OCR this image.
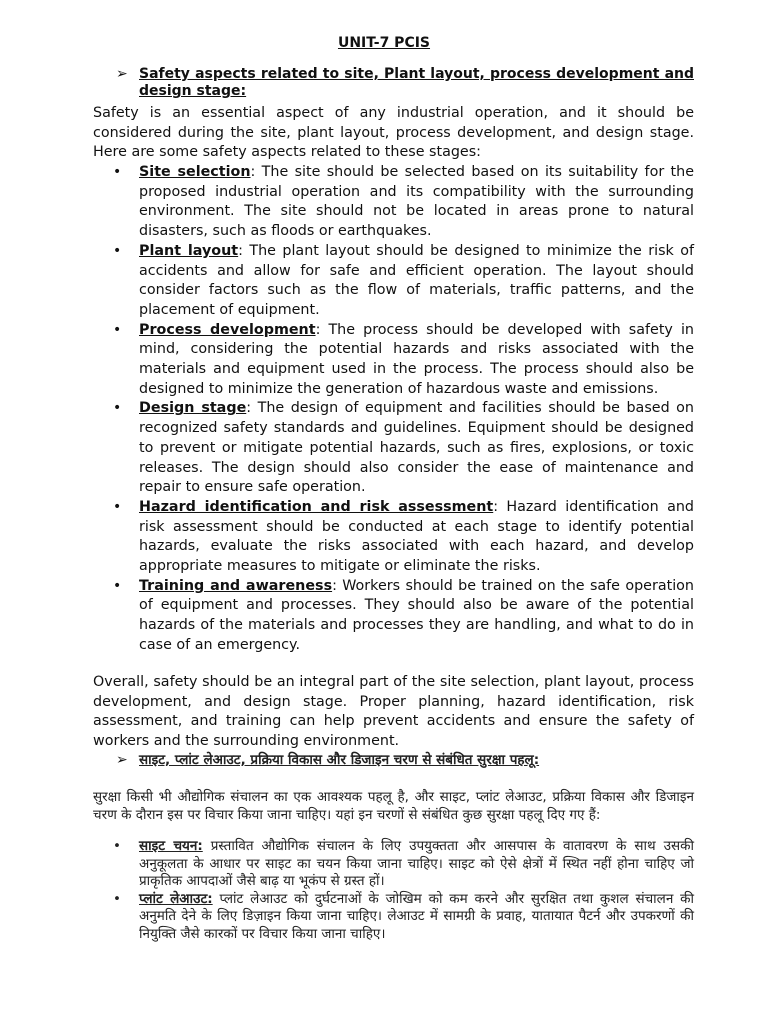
UNIT-7 PCIS
➢ Safety aspects related to site, Plant layout, process development and design stage:
Safety is an essential aspect of any industrial operation, and it should be considered during the site, plant layout, process development, and design stage. Here are some safety aspects related to these stages:
• Site selection: The site should be selected based on its suitability for the proposed industrial operation and its compatibility with the surrounding environment. The site should not be located in areas prone to natural disasters, such as floods or earthquakes.
• Plant layout: The plant layout should be designed to minimize the risk of accidents and allow for safe and efficient operation. The layout should consider factors such as the flow of materials, traffic patterns, and the placement of equipment.
• Process development: The process should be developed with safety in mind, considering the potential hazards and risks associated with the materials and equipment used in the process. The process should also be designed to minimize the generation of hazardous waste and emissions.
• Design stage: The design of equipment and facilities should be based on recognized safety standards and guidelines. Equipment should be designed to prevent or mitigate potential hazards, such as fires, explosions, or toxic releases. The design should also consider the ease of maintenance and repair to ensure safe operation.
• Hazard identification and risk assessment: Hazard identification and risk assessment should be conducted at each stage to identify potential hazards, evaluate the risks associated with each hazard, and develop appropriate measures to mitigate or eliminate the risks.
• Training and awareness: Workers should be trained on the safe operation of equipment and processes. They should also be aware of the potential hazards of the materials and processes they are handling, and what to do in case of an emergency.
Overall, safety should be an integral part of the site selection, plant layout, process development, and design stage. Proper planning, hazard identification, risk assessment, and training can help prevent accidents and ensure the safety of workers and the surrounding environment.
➢ साइट, प्लांट लेआउट, प्रक्रिया विकास और डिजाइन चरण से संबंधित सुरक्षा पहलू:
सुरक्षा किसी भी औद्योगिक संचालन का एक आवश्यक पहलू है, और साइट, प्लांट लेआउट, प्रक्रिया विकास और डिजाइन चरण के दौरान इस पर विचार किया जाना चाहिए। यहां इन चरणों से संबंधित कुछ सुरक्षा पहलू दिए गए हैं:
• साइट चयन: प्रस्तावित औद्योगिक संचालन के लिए उपयुक्तता और आसपास के वातावरण के साथ उसकी अनुकूलता के आधार पर साइट का चयन किया जाना चाहिए। साइट को ऐसे क्षेत्रों में स्थित नहीं होना चाहिए जो प्राकृतिक आपदाओं जैसे बाढ़ या भूकंप से ग्रस्त हों।
• प्लांट लेआउट: प्लांट लेआउट को दुर्घटनाओं के जोखिम को कम करने और सुरक्षित तथा कुशल संचालन की अनुमति देने के लिए डिज़ाइन किया जाना चाहिए। लेआउट में सामग्री के प्रवाह, यातायात पैटर्न और उपकरणों की नियुक्ति जैसे कारकों पर विचार किया जाना चाहिए।
